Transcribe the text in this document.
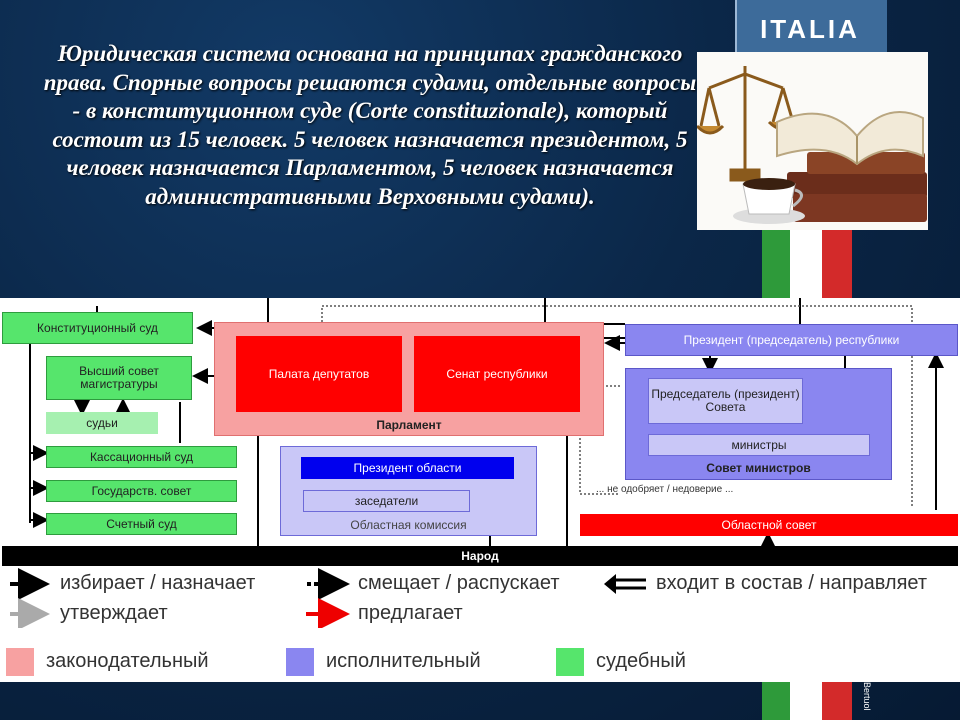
Юридическая система основана на принципах гражданского права. Спорные вопросы решаются судами, отдельные вопросы - в конституционном суде (Corte constituzionale), который состоит из 15 человек. 5 человек назначается президентом, 5 человек назначается Парламентом, 5 человек назначается административными Верховными судами).
ITALIA
Bertuol
Конституционный суд
Высший совет магистратуры
судьи
Кассационный суд
Государств. совет
Счетный суд
Палата депутатов	Сенат республики
Парламент
Президент (председатель) республики
Председатель (президент) Совета
министры
Совет министров
Президент области
заседатели
Областная комиссия
... не одобряет / недоверие ...
Областной совет
Народ
избирает / назначает	смещает / распускает	входит в состав / направляет
утверждает	предлагает
законодательный	исполнительный	судебный
